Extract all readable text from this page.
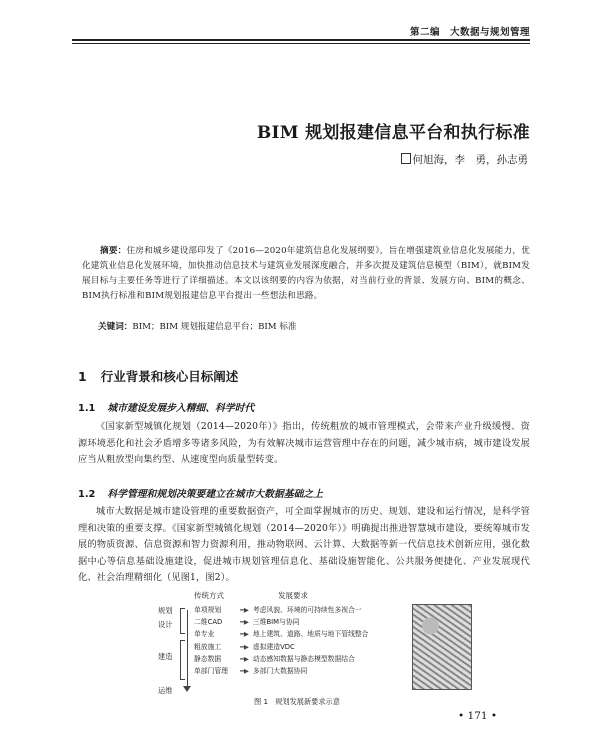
第二编　大数据与规划管理
BIM 规划报建信息平台和执行标准
何旭海，李　勇，孙志勇
摘要：住房和城乡建设部印发了《2016—2020年建筑信息化发展纲要》，旨在增强建筑业信息化发展能力，优化建筑业信息化发展环境，加快推动信息技术与建筑业发展深度融合，并多次提及建筑信息模型（BIM），就BIM发展目标与主要任务等进行了详细描述。本文以该纲要的内容为依据，对当前行业的背景、发展方向、BIM的概念、BIM执行标准和BIM规划报建信息平台提出一些想法和思路。
关键词：BIM；BIM 规划报建信息平台；BIM 标准
1 行业背景和核心目标阐述
1.1 城市建设发展步入精细、科学时代
《国家新型城镇化规划（2014—2020年）》指出，传统粗放的城市管理模式，会带来产业升级缓慢、资源环境恶化和社会矛盾增多等诸多风险，为有效解决城市运营管理中存在的问题，减少城市病，城市建设发展应当从粗放型向集约型、从速度型向质量型转变。
1.2 科学管理和规划决策要建立在城市大数据基础之上
城市大数据是城市建设管理的重要数据资产，可全面掌握城市的历史、规划、建设和运行情况，是科学管理和决策的重要支撑。《国家新型城镇化规划（2014—2020年）》明确提出推进智慧城市建设，要统筹城市发展的物质资源、信息资源和智力资源利用，推动物联网、云计算、大数据等新一代信息技术创新应用，强化数据中心等信息基础设施建设，促进城市规划管理信息化、基础设施智能化、公共服务便捷化、产业发展现代化、社会治理精细化（见图1，图2）。
传统方式	发展要求
规划
设计
建造
运维
单项规划	━▶ 考虑风貌、环境的可持续性多视合一
二维CAD	━▶ 三维BIM与协同
单专业	━▶ 地上建筑、道路、地质与地下管线整合
粗放施工	━▶ 虚拟建造VDC
静态数据	━▶ 动态感知数据与静态模型数据结合
单部门管理 ━▶ 多部门大数据协同
图 1　规划发展新要求示意
• 171 •
